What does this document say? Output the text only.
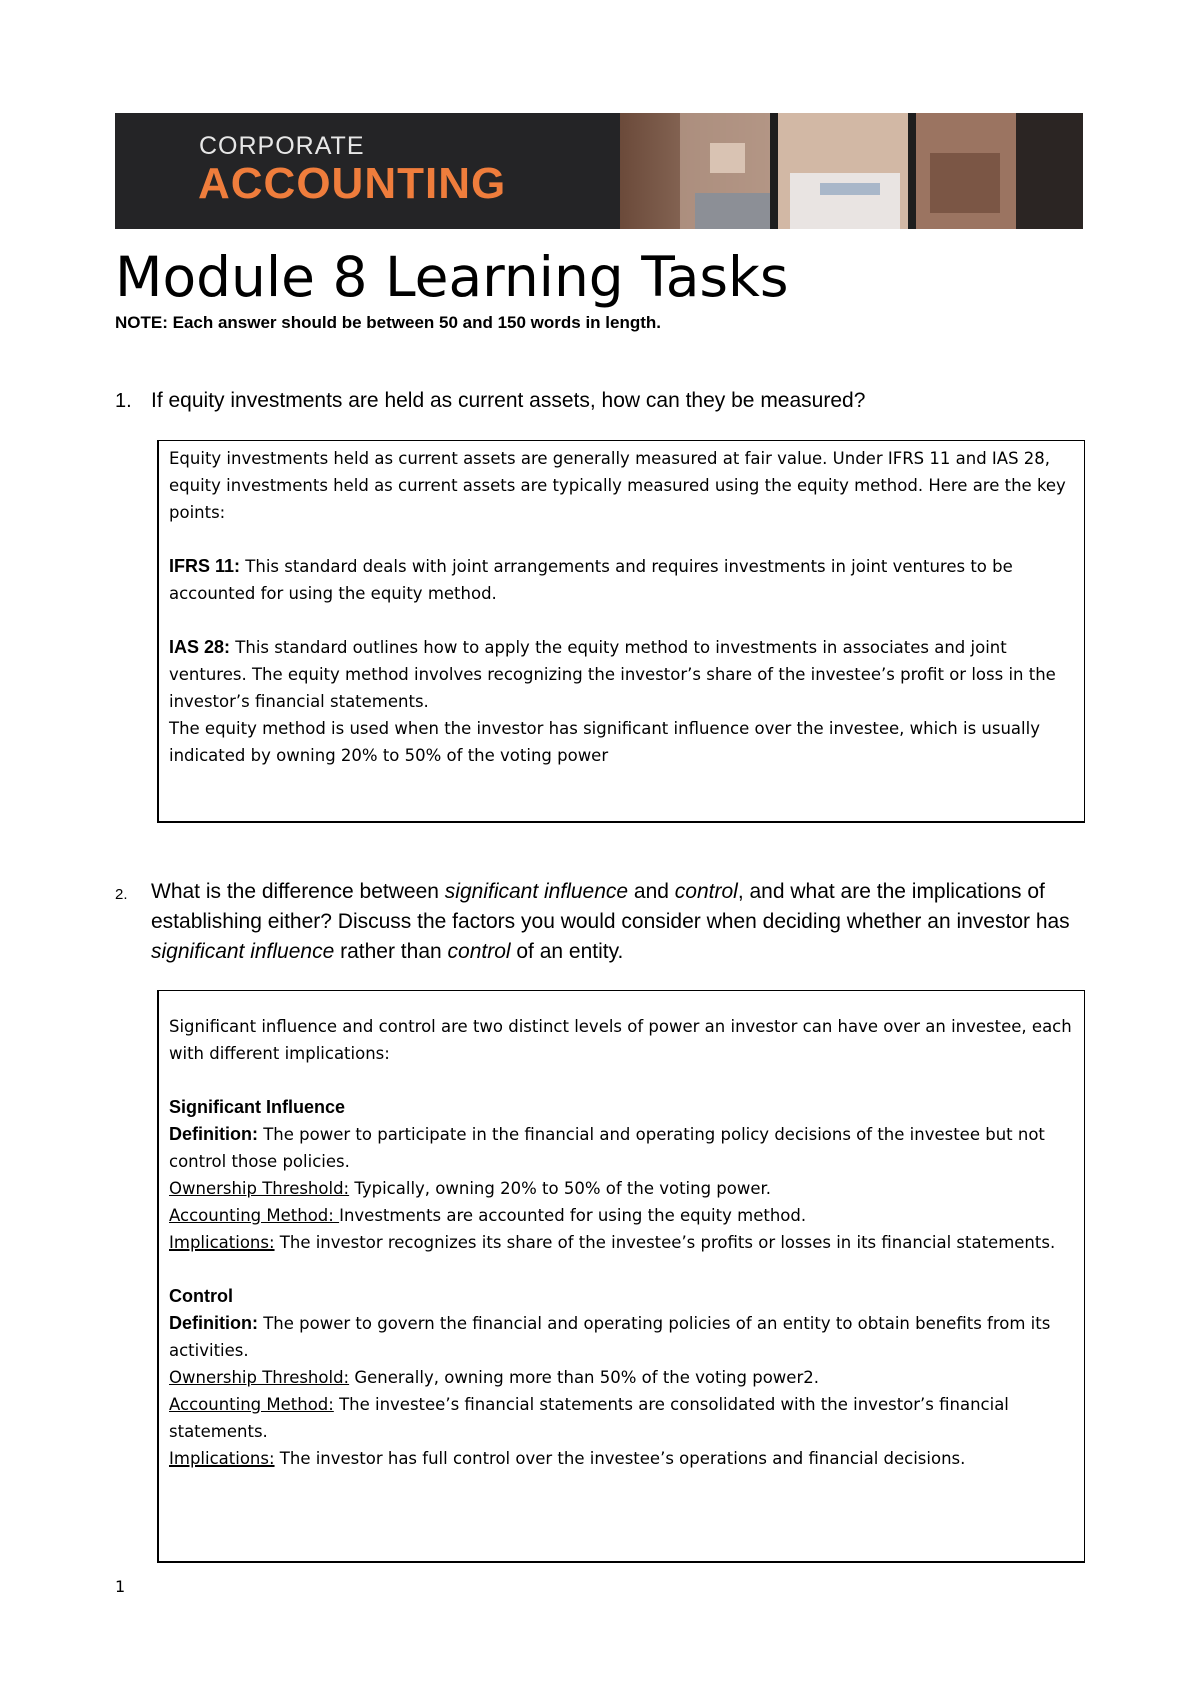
CORPORATE
ACCOUNTING
Module 8 Learning Tasks
NOTE: Each answer should be between 50 and 150 words in length.
1. If equity investments are held as current assets, how can they be measured?

Equity investments held as current assets are generally measured at fair value. Under IFRS 11 and IAS 28, equity investments held as current assets are typically measured using the equity method. Here are the key points:

IFRS 11: This standard deals with joint arrangements and requires investments in joint ventures to be accounted for using the equity method.

IAS 28: This standard outlines how to apply the equity method to investments in associates and joint ventures. The equity method involves recognizing the investor’s share of the investee’s profit or loss in the investor’s financial statements.

The equity method is used when the investor has significant influence over the investee, which is usually indicated by owning 20% to 50% of the voting power

2. What is the difference between significant influence and control, and what are the implications of establishing either? Discuss the factors you would consider when deciding whether an investor has significant influence rather than control of an entity.

Significant influence and control are two distinct levels of power an investor can have over an investee, each with different implications:

Significant Influence

Definition: The power to participate in the financial and operating policy decisions of the investee but not control those policies.

Ownership Threshold: Typically, owning 20% to 50% of the voting power.

Accounting Method: Investments are accounted for using the equity method.

Implications: The investor recognizes its share of the investee’s profits or losses in its financial statements.

Control

Definition: The power to govern the financial and operating policies of an entity to obtain benefits from its activities.

Ownership Threshold: Generally, owning more than 50% of the voting power2.

Accounting Method: The investee’s financial statements are consolidated with the investor’s financial statements.

Implications: The investor has full control over the investee’s operations and financial decisions.

1
